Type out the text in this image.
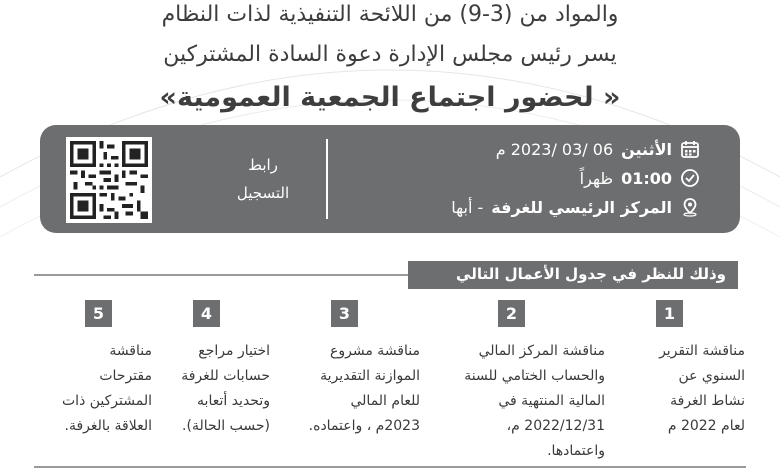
والمواد من (3-9) من اللائحة التنفيذية لذات النظام
يسر رئيس مجلس الإدارة دعوة السادة المشتركين
« لحضور اجتماع الجمعية العمومية»
الأثنين
06 /03 /2023 م
01:00
ظهراً
المركز الرئيسي للغرفة
- أبها
رابط
التسجيل
وذلك للنظر في جدول الأعمال التالي
1
مناقشة التقرير
السنوي عن
نشاط الغرفة
لعام 2022 م
2
مناقشة المركز المالي
والحساب الختامي للسنة
المالية المنتهية في
2022/12/31 م، واعتمادها.
3
مناقشة مشروع
الموازنة التقديرية
للعام المالي
2023م ، واعتماده.
4
اختيار مراجع
حسابات للغرفة
وتحديد أتعابه
(حسب الحالة).
5
مناقشة
مقترحات
المشتركين ذات
العلاقة بالغرفة.
